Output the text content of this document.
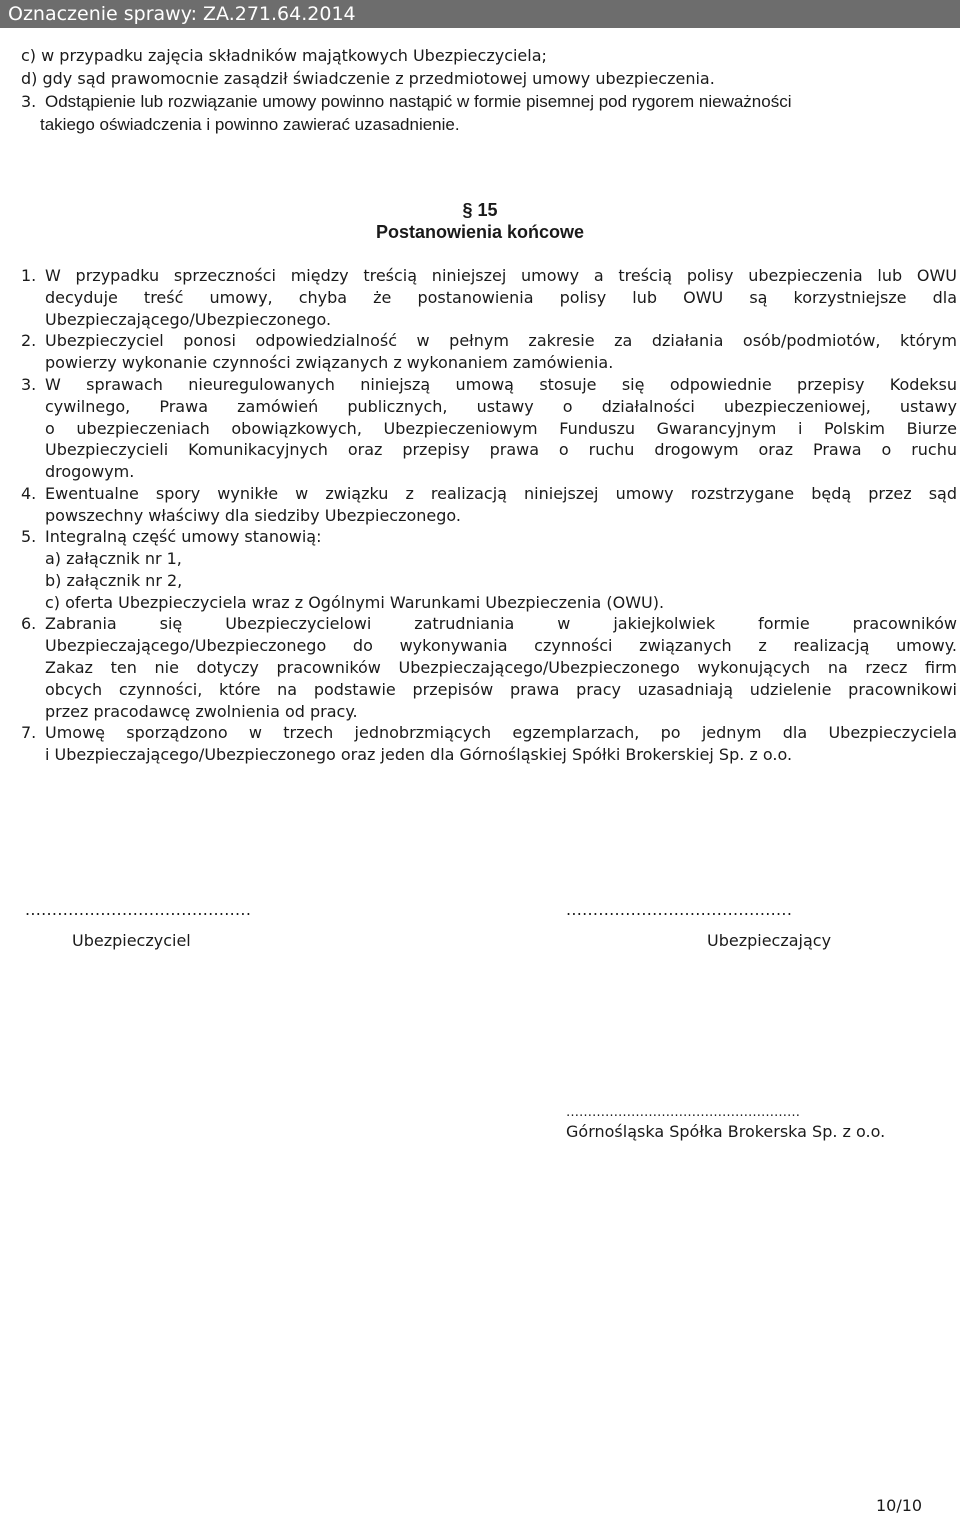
Oznaczenie sprawy: ZA.271.64.2014
c) w przypadku zajęcia składników majątkowych Ubezpieczyciela;
d) gdy sąd prawomocnie zasądził świadczenie z przedmiotowej umowy ubezpieczenia.
3. Odstąpienie lub rozwiązanie umowy powinno nastąpić w formie pisemnej pod rygorem nieważności
takiego oświadczenia i powinno zawierać uzasadnienie.
§ 15
Postanowienia końcowe
1. W przypadku sprzeczności między treścią niniejszej umowy a treścią polisy ubezpieczenia lub OWU
decyduje treść umowy, chyba że postanowienia polisy lub OWU są korzystniejsze dla
Ubezpieczającego/Ubezpieczonego.
2. Ubezpieczyciel ponosi odpowiedzialność w pełnym zakresie za działania osób/podmiotów, którym
powierzy wykonanie czynności związanych z wykonaniem zamówienia.
3. W sprawach nieuregulowanych niniejszą umową stosuje się odpowiednie przepisy Kodeksu
cywilnego, Prawa zamówień publicznych, ustawy o działalności ubezpieczeniowej, ustawy
o ubezpieczeniach obowiązkowych, Ubezpieczeniowym Funduszu Gwarancyjnym i Polskim Biurze
Ubezpieczycieli Komunikacyjnych oraz przepisy prawa o ruchu drogowym oraz Prawa o ruchu
drogowym.
4. Ewentualne spory wynikłe w związku z realizacją niniejszej umowy rozstrzygane będą przez sąd
powszechny właściwy dla siedziby Ubezpieczonego.
5. Integralną część umowy stanowią:
a) załącznik nr 1,
b) załącznik nr 2,
c) oferta Ubezpieczyciela wraz z Ogólnymi Warunkami Ubezpieczenia (OWU).
6. Zabrania się Ubezpieczycielowi zatrudniania w jakiejkolwiek formie pracowników
Ubezpieczającego/Ubezpieczonego do wykonywania czynności związanych z realizacją umowy.
Zakaz ten nie dotyczy pracowników Ubezpieczającego/Ubezpieczonego wykonujących na rzecz firm
obcych czynności, które na podstawie przepisów prawa pracy uzasadniają udzielenie pracownikowi
przez pracodawcę zwolnienia od pracy.
7. Umowę sporządzono w trzech jednobrzmiących egzemplarzach, po jednym dla Ubezpieczyciela
i Ubezpieczającego/Ubezpieczonego oraz jeden dla Górnośląskiej Spółki Brokerskiej Sp. z o.o.
..........................................
Ubezpieczyciel
..........................................
Ubezpieczający
………………………………………………
Górnośląska Spółka Brokerska Sp. z o.o.
10/10
